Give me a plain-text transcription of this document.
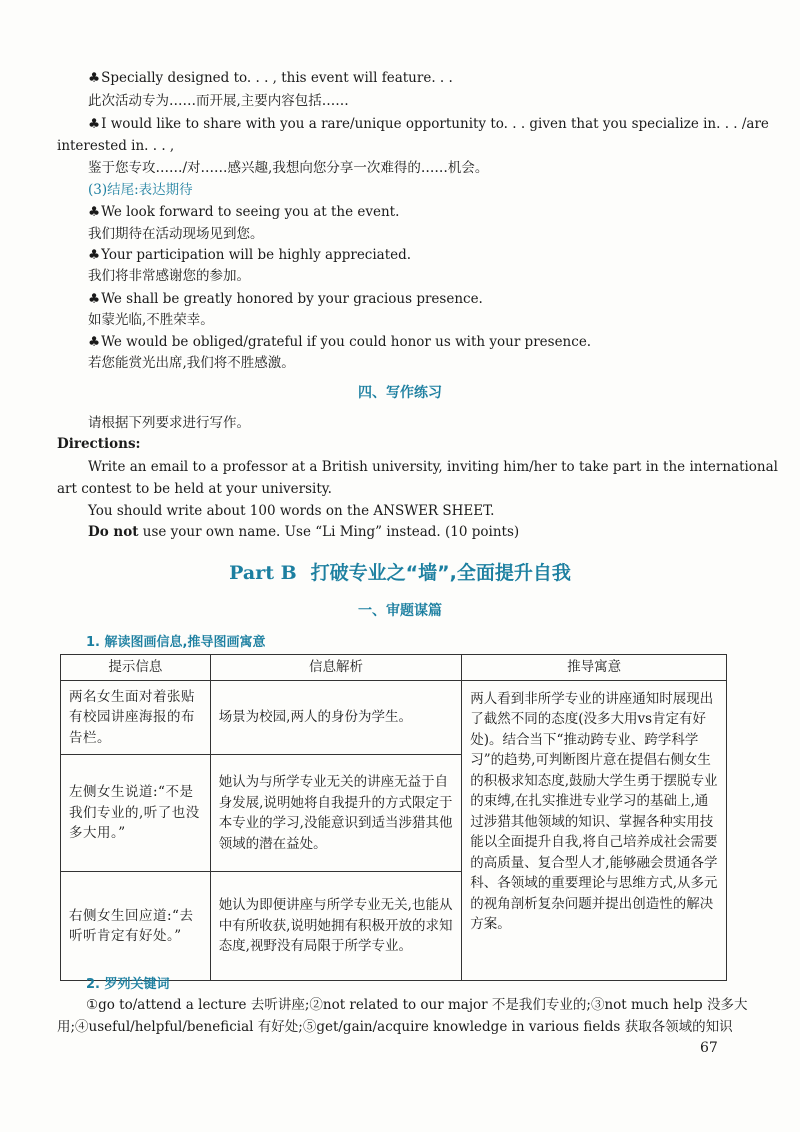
♣Specially designed to. . . , this event will feature. . .
此次活动专为……而开展,主要内容包括……
♣I would like to share with you a rare/unique opportunity to. . . given that you specialize in. . . /are
interested in. . . ,
鉴于您专攻……/对……感兴趣,我想向您分享一次难得的……机会。
(3)结尾:表达期待
♣We look forward to seeing you at the event.
我们期待在活动现场见到您。
♣Your participation will be highly appreciated.
我们将非常感谢您的参加。
♣We shall be greatly honored by your gracious presence.
如蒙光临,不胜荣幸。
♣We would be obliged/grateful if you could honor us with your presence.
若您能赏光出席,我们将不胜感激。
四、写作练习
请根据下列要求进行写作。
Directions:
Write an email to a professor at a British university, inviting him/her to take part in the international
art contest to be held at your university.
You should write about 100 words on the ANSWER SHEET.
Do not use your own name. Use “Li Ming” instead. (10 points)
Part B 打破专业之“墙”,全面提升自我
一、审题谋篇
1. 解读图画信息,推导图画寓意
提示信息	信息解析	推导寓意
两名女生面对着张贴有校园讲座海报的布告栏。	场景为校园,两人的身份为学生。	两人看到非所学专业的讲座通知时展现出了截然不同的态度(没多大用vs肯定有好处)。结合当下“推动跨专业、跨学科学习”的趋势,可判断图片意在提倡右侧女生的积极求知态度,鼓励大学生勇于摆脱专业的束缚,在扎实推进专业学习的基础上,通过涉猎其他领域的知识、掌握各种实用技能以全面提升自我,将自己培养成社会需要的高质量、复合型人才,能够融会贯通各学科、各领域的重要理论与思维方式,从多元的视角剖析复杂问题并提出创造性的解决方案。
左侧女生说道:“不是我们专业的,听了也没多大用。”	她认为与所学专业无关的讲座无益于自身发展,说明她将自我提升的方式限定于本专业的学习,没能意识到适当涉猎其他领域的潜在益处。	
右侧女生回应道:“去听听肯定有好处。”	她认为即便讲座与所学专业无关,也能从中有所收获,说明她拥有积极开放的求知态度,视野没有局限于所学专业。	
2. 罗列关键词
①go to/attend a lecture 去听讲座;②not related to our major 不是我们专业的;③not much help 没多大
用;④useful/helpful/beneficial 有好处;⑤get/gain/acquire knowledge in various fields 获取各领域的知识
67
